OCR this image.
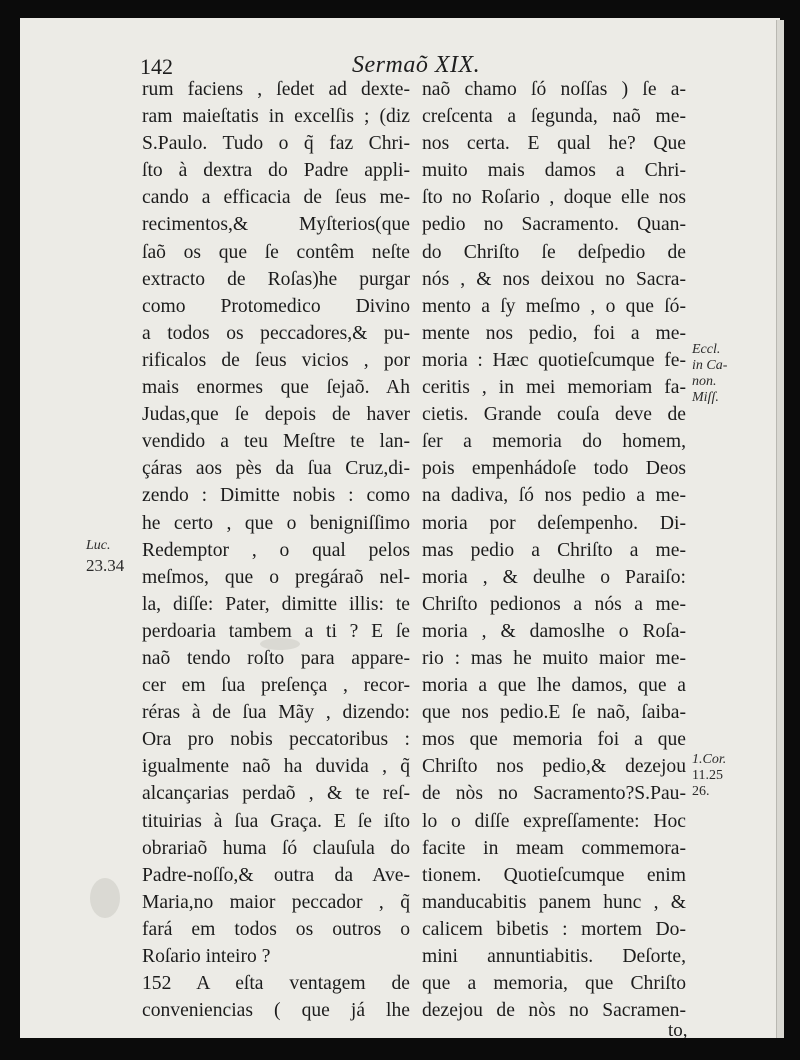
142	Sermaõ XIX.
rum faciens , ſedet ad dexte-
ram maieſtatis in excelſis ; (diz
S.Paulo. Tudo o q̃ faz Chri-
ſto à dextra do Padre appli-
cando a efficacia de ſeus me-
recimentos,& Myſterios(que
ſaõ os que ſe contêm neſte
extracto de Roſas)he purgar
como Protomedico Divino
a todos os peccadores,& pu-
rificalos de ſeus vicios , por
mais enormes que ſejaõ. Ah
Judas,que ſe depois de haver
vendido a teu Meſtre te lan-
çáras aos pès da ſua Cruz,di-
zendo : Dimitte nobis : como
he certo , que o benigniſſimo
Redemptor , o qual pelos
meſmos, que o pregáraõ nel-
la, diſſe: Pater, dimitte illis: te
perdoaria tambem a ti ? E ſe
naõ tendo roſto para appare-
cer em ſua preſença , recor-
réras à de ſua Mãy , dizendo:
Ora pro nobis peccatoribus :
igualmente naõ ha duvida , q̃
alcançarias perdaõ , & te reſ-
tituirias à ſua Graça. E ſe iſto
obrariaõ huma ſó clauſula do
Padre-noſſo,& outra da Ave-
Maria,no maior peccador , q̃
fará em todos os outros o
Roſario inteiro ?
152 A eſta ventagem de
conveniencias ( que já lhe
naõ chamo ſó noſſas ) ſe a-
creſcenta a ſegunda, naõ me-
nos certa. E qual he? Que
muito mais damos a Chri-
ſto no Roſario , doque elle nos
pedio no Sacramento. Quan-
do Chriſto ſe deſpedio de
nós , & nos deixou no Sacra-
mento a ſy meſmo , o que ſó-
mente nos pedio, foi a me-
moria : Hæc quotieſcumque fe-
ceritis , in mei memoriam fa-
cietis. Grande couſa deve de
ſer a memoria do homem,
pois empenhádoſe todo Deos
na dadiva, ſó nos pedio a me-
moria por deſempenho. Di-
mas pedio a Chriſto a me-
moria , & deulhe o Paraiſo:
Chriſto pedionos a nós a me-
moria , & damoslhe o Roſa-
rio : mas he muito maior me-
moria a que lhe damos, que a
que nos pedio.E ſe naõ, ſaiba-
mos que memoria foi a que
Chriſto nos pedio,& dezejou
de nòs no Sacramento?S.Pau-
lo o diſſe expreſſamente: Hoc
facite in meam commemora-
tionem. Quotieſcumque enim
manducabitis panem hunc , &
calicem bibetis : mortem Do-
mini annuntiabitis. Deſorte,
que a memoria, que Chriſto
dezejou de nòs no Sacramen-
Luc.
23.34
Eccl.
in Ca-
non.
Miſſ.
1.Cor.
11.25
26.
to,
